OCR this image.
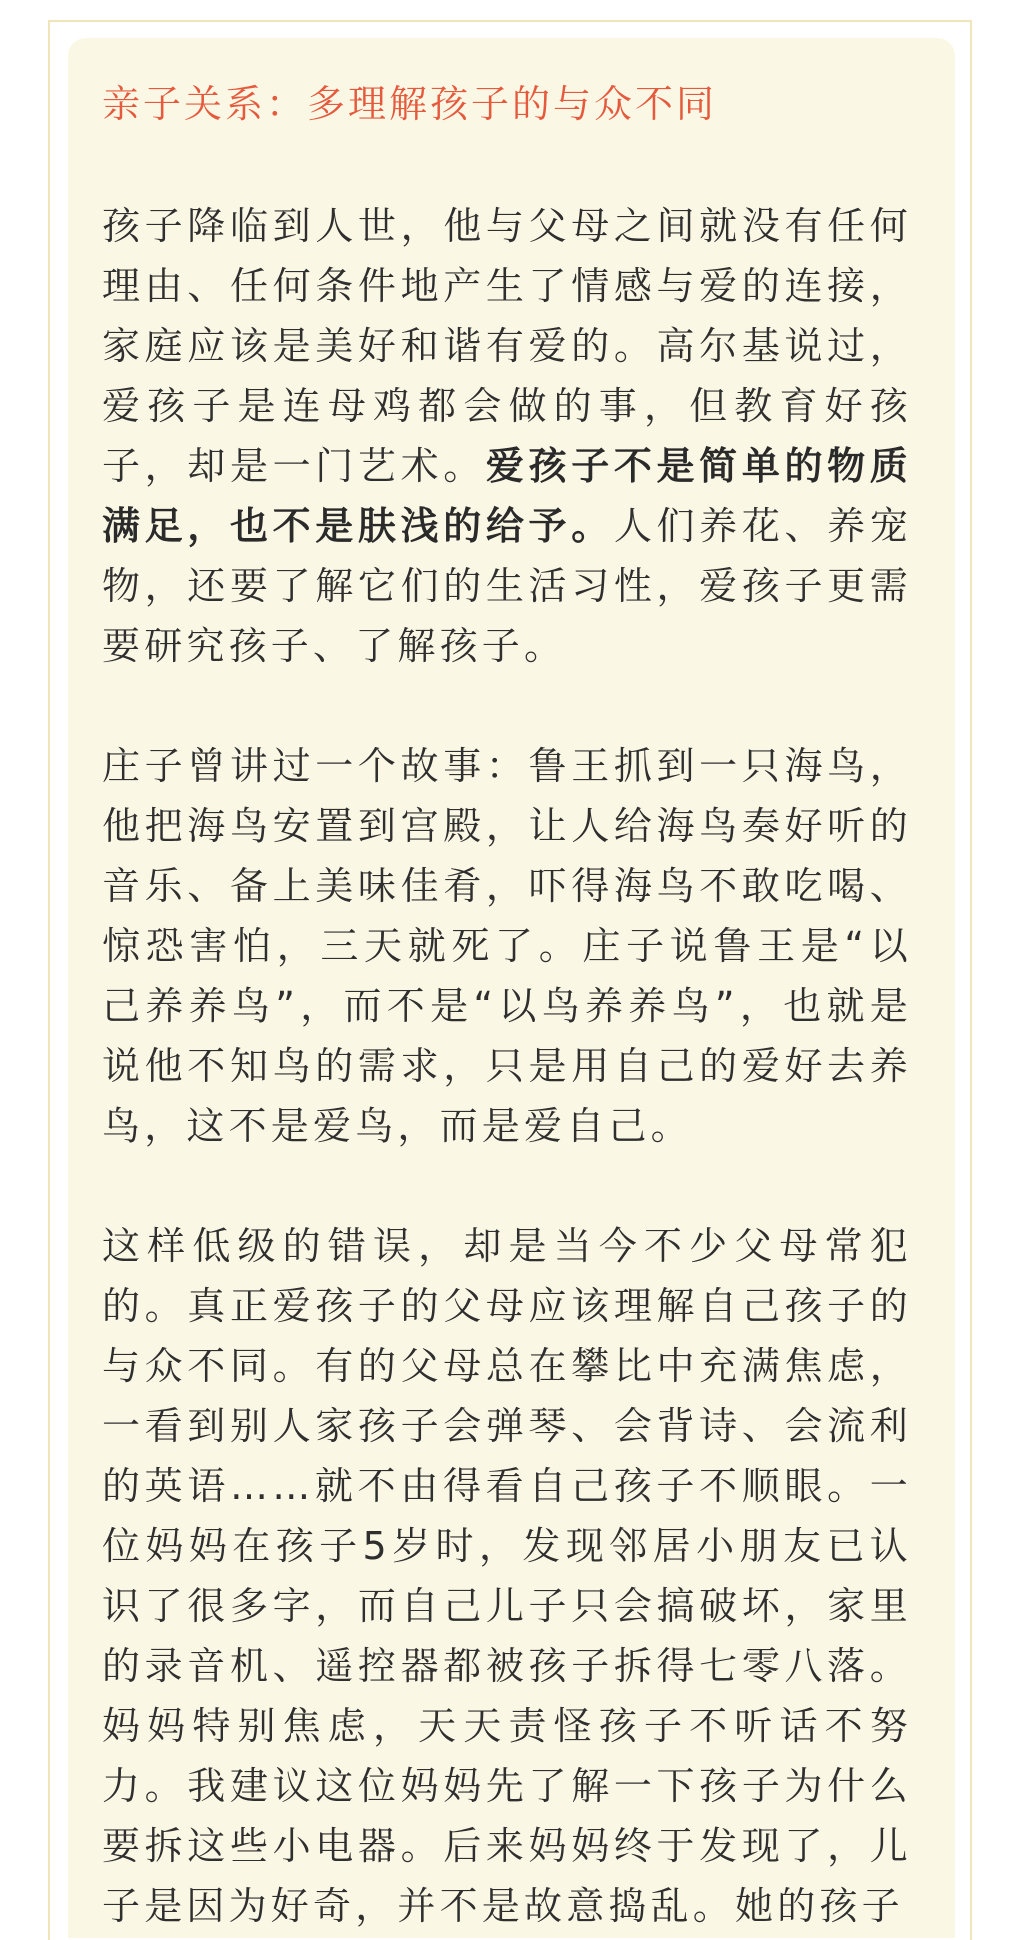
亲子关系：多理解孩子的与众不同

孩子降临到人世，他与父母之间就没有任何理由、任何条件地产生了情感与爱的连接，家庭应该是美好和谐有爱的。高尔基说过，爱孩子是连母鸡都会做的事，但教育好孩子，却是一门艺术。爱孩子不是简单的物质满足，也不是肤浅的给予。人们养花、养宠物，还要了解它们的生活习性，爱孩子更需要研究孩子、了解孩子。

庄子曾讲过一个故事：鲁王抓到一只海鸟，他把海鸟安置到宫殿，让人给海鸟奏好听的音乐、备上美味佳肴，吓得海鸟不敢吃喝、惊恐害怕，三天就死了。庄子说鲁王是“以己养养鸟”，而不是“以鸟养养鸟”，也就是说他不知鸟的需求，只是用自己的爱好去养鸟，这不是爱鸟，而是爱自己。

这样低级的错误，却是当今不少父母常犯的。真正爱孩子的父母应该理解自己孩子的与众不同。有的父母总在攀比中充满焦虑，一看到别人家孩子会弹琴、会背诗、会流利的英语……就不由得看自己孩子不顺眼。一位妈妈在孩子5岁时，发现邻居小朋友已认识了很多字，而自己儿子只会搞破坏，家里的录音机、遥控器都被孩子拆得七零八落。妈妈特别焦虑，天天责怪孩子不听话不努力。我建议这位妈妈先了解一下孩子为什么要拆这些小电器。后来妈妈终于发现了，儿子是因为好奇，并不是故意捣乱。她的孩子
